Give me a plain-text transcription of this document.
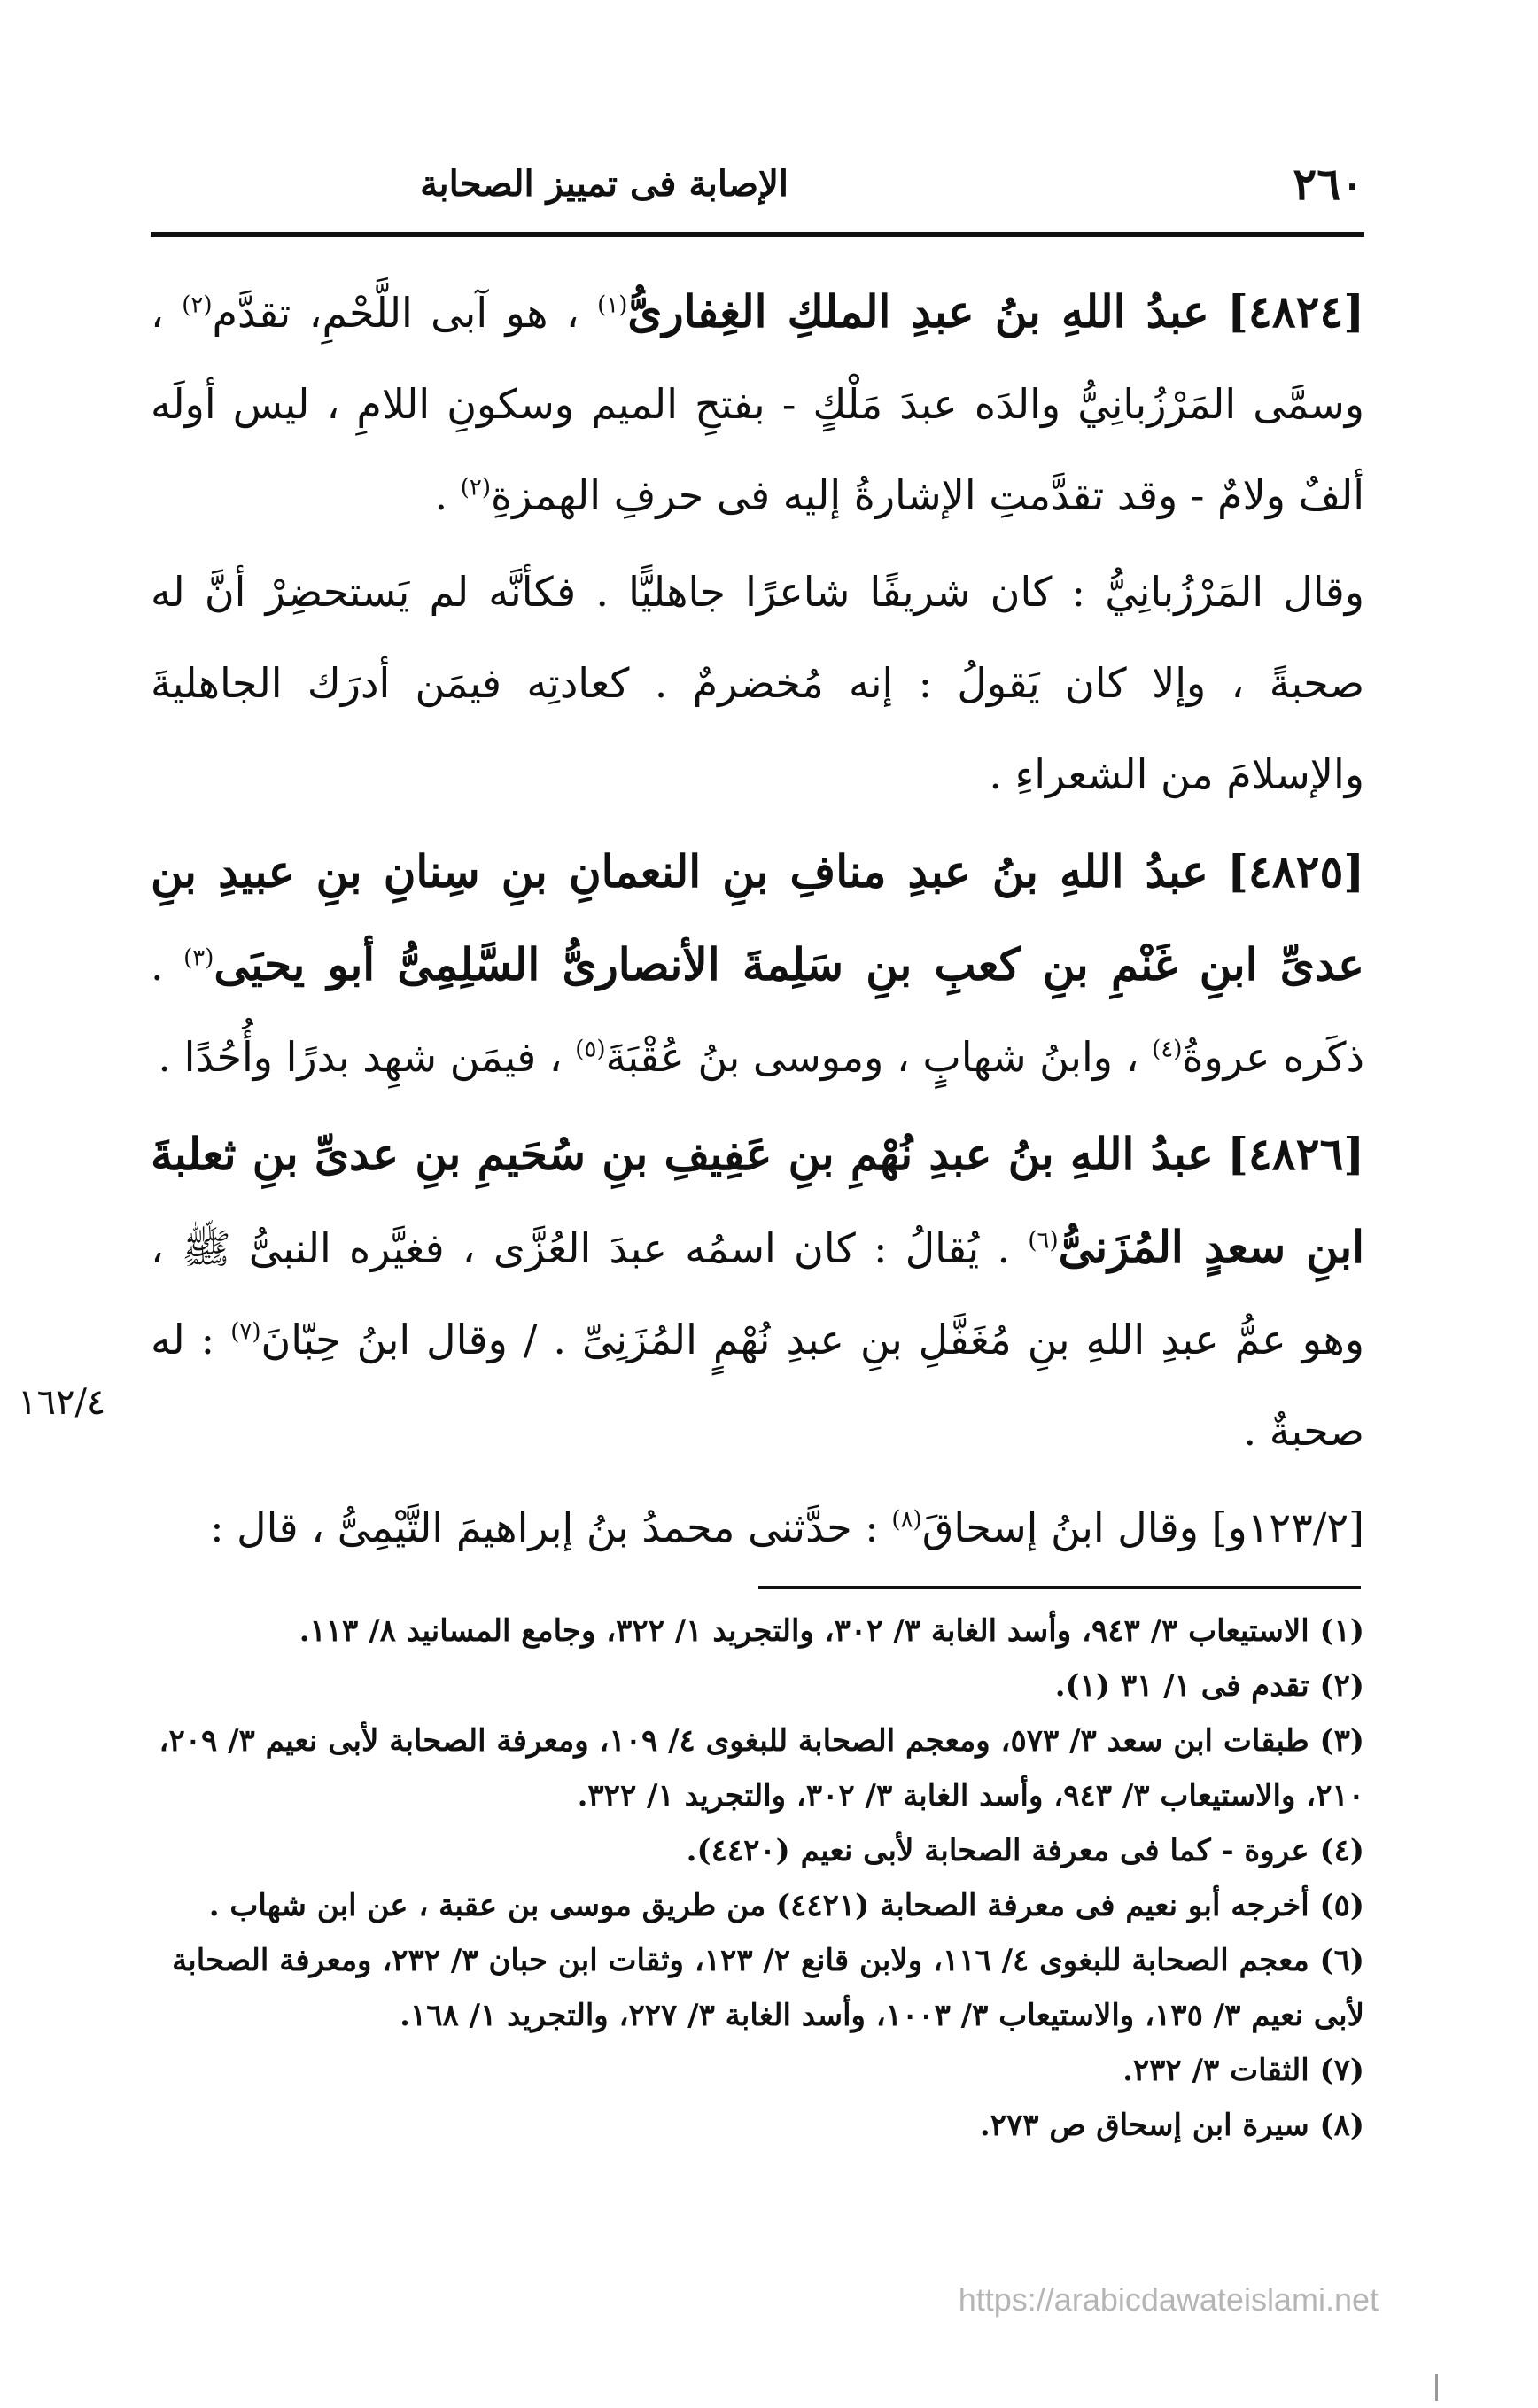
٢٦٠
الإصابة فى تمييز الصحابة

[٤٨٢٤] عبدُ اللهِ بنُ عبدِ الملكِ الغِفارىُّ$^{(١)}$ ، هو آبى اللَّحْمِ، تقدَّم$^{(٢)}$ ، وسمَّى المَرْزُبانِيُّ والدَه عبدَ مَلْكٍ - بفتحِ الميم وسكونِ اللامِ ، ليس أولَه ألفٌ ولامٌ - وقد تقدَّمتِ الإشارةُ إليه فى حرفِ الهمزةِ$^{(٢)}$ .

وقال المَرْزُبانِيُّ : كان شريفًا شاعرًا جاهليًّا . فكأنَّه لم يَستحضِرْ أنَّ له صحبةً ، وإلا كان يَقولُ : إنه مُخضرمٌ . كعادتِه فيمَن أدرَك الجاهليةَ والإسلامَ من الشعراءِ .

[٤٨٢٥] عبدُ اللهِ بنُ عبدِ منافِ بنِ النعمانِ بنِ سِنانِ بنِ عبيدِ بنِ عدىِّ ابنِ غَنْمِ بنِ كعبِ بنِ سَلِمةَ الأنصارىُّ السَّلِمِىُّ أبو يحيَى$^{(٣)}$ . ذكَره عروةُ$^{(٤)}$ ، وابنُ شهابٍ ، وموسى بنُ عُقْبَةَ$^{(٥)}$ ، فيمَن شهِد بدرًا وأُحُدًا .

[٤٨٢٦] عبدُ اللهِ بنُ عبدِ نُهْمِ بنِ عَفِيفِ بنِ سُحَيمِ بنِ عدىِّ بنِ ثعلبةَ ابنِ سعدٍ المُزَنىُّ$^{(٦)}$ . يُقالُ : كان اسمُه عبدَ العُزَّى ، فغيَّره النبىُّ ﷺ ، وهو عمُّ عبدِ اللهِ بنِ مُغَفَّلِ بنِ عبدِ نُهْمٍ المُزَنِىِّ . / وقال ابنُ حِبّانَ$^{(٧)}$ : له صحبةٌ .

[١٢٣/٢و] وقال ابنُ إسحاقَ$^{(٨)}$ : حدَّثنى محمدُ بنُ إبراهيمَ التَّيْمِىُّ ، قال :

١٦٢/٤

(١) الاستيعاب ٣/ ٩٤٣، وأسد الغابة ٣/ ٣٠٢، والتجريد ١/ ٣٢٢، وجامع المسانيد ٨/ ١١٣.

(٢) تقدم فى ١/ ٣١ (١).

(٣) طبقات ابن سعد ٣/ ٥٧٣، ومعجم الصحابة للبغوى ٤/ ١٠٩، ومعرفة الصحابة لأبى نعيم ٣/ ٢٠٩، ٢١٠، والاستيعاب ٣/ ٩٤٣، وأسد الغابة ٣/ ٣٠٢، والتجريد ١/ ٣٢٢.

(٤) عروة - كما فى معرفة الصحابة لأبى نعيم (٤٤٢٠).

(٥) أخرجه أبو نعيم فى معرفة الصحابة (٤٤٢١) من طريق موسى بن عقبة ، عن ابن شهاب .

(٦) معجم الصحابة للبغوى ٤/ ١١٦، ولابن قانع ٢/ ١٢٣، وثقات ابن حبان ٣/ ٢٣٢، ومعرفة الصحابة لأبى نعيم ٣/ ١٣٥، والاستيعاب ٣/ ١٠٠٣، وأسد الغابة ٣/ ٢٢٧، والتجريد ١/ ١٦٨.

(٧) الثقات ٣/ ٢٣٢.

(٨) سيرة ابن إسحاق ص ٢٧٣.

https://arabicdawateislami.net
